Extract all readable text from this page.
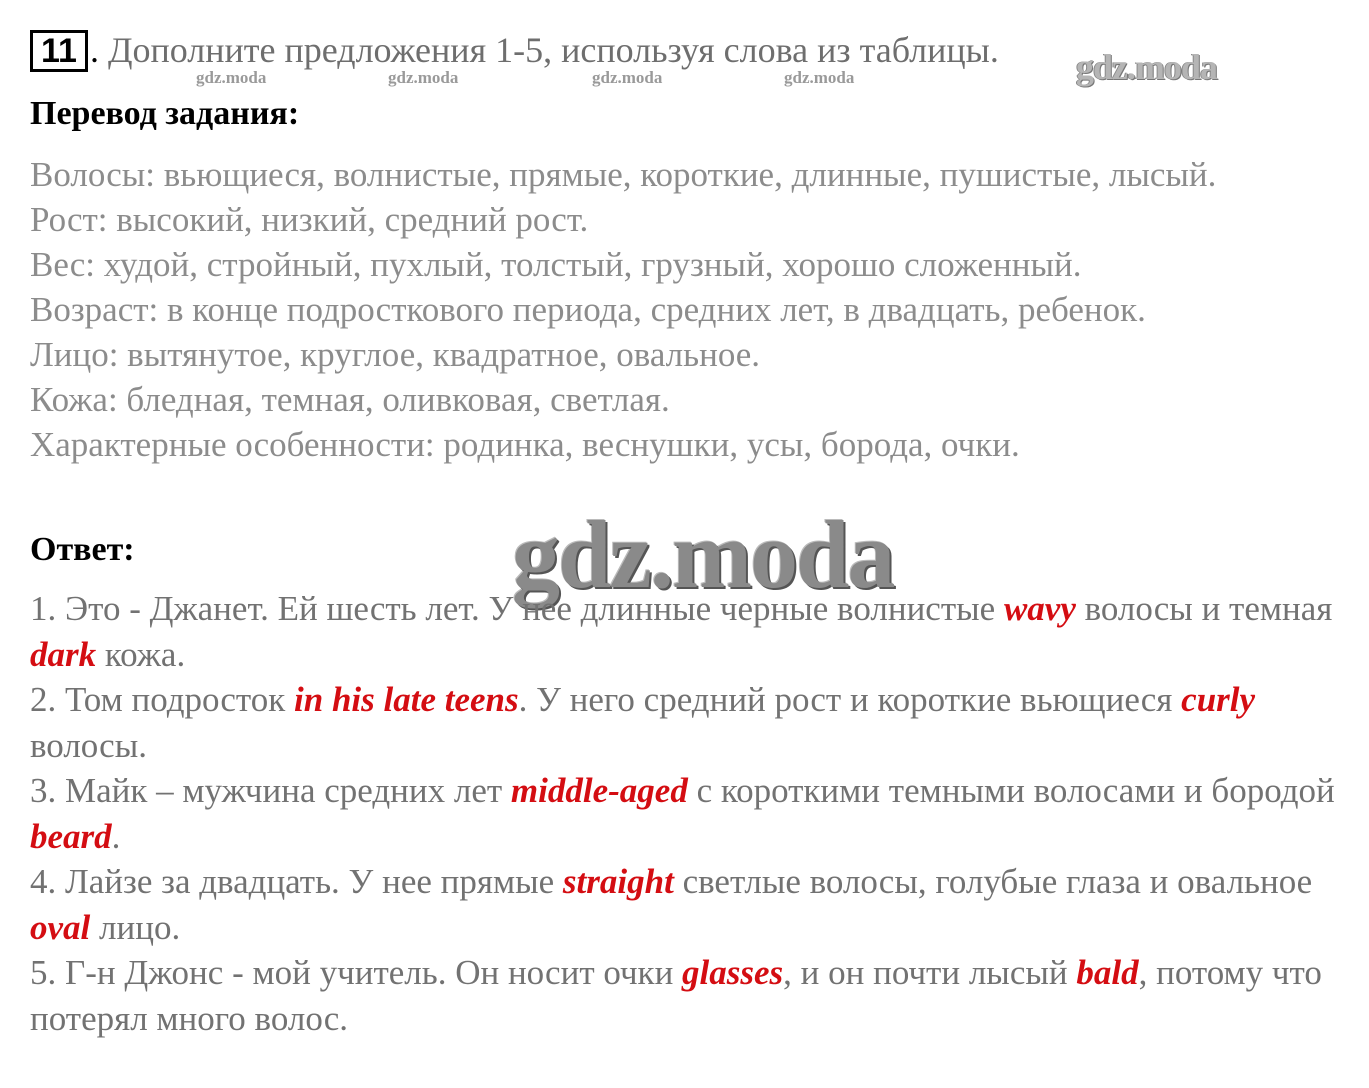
11 . Дополните предложения 1-5, используя слова из таблицы.
gdz.moda	gdz.moda	gdz.moda	gdz.moda	gdz.moda
Перевод задания:

Волосы: вьющиеся, волнистые, прямые, короткие, длинные, пушистые, лысый.

Рост: высокий, низкий, средний рост.

Вес: худой, стройный, пухлый, толстый, грузный, хорошо сложенный.

Возраст: в конце подросткового периода, средних лет, в двадцать, ребенок.

Лицо: вытянутое, круглое, квадратное, овальное.

Кожа: бледная, темная, оливковая, светлая.

Характерные особенности: родинка, веснушки, усы, борода, очки.

Ответ:	gdz.moda

1. Это - Джанет. Ей шесть лет. У нее длинные черные волнистые wavy волосы и темная dark кожа.

2. Том подросток in his late teens. У него средний рост и короткие вьющиеся curly волосы.

3. Майк – мужчина средних лет middle-aged с короткими темными волосами и бородой beard.

4. Лайзе за двадцать. У нее прямые straight светлые волосы, голубые глаза и овальное oval лицо.

5. Г-н Джонс - мой учитель. Он носит очки glasses, и он почти лысый bald, потому что потерял много волос.
